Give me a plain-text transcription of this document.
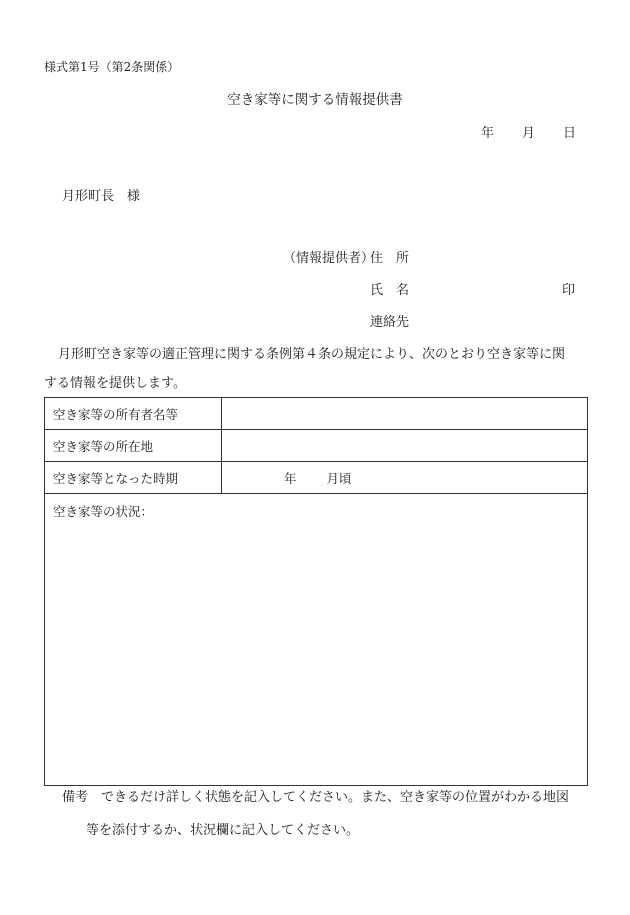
様式第1号（第2条関係）
空き家等に関する情報提供書
年 月 日
月形町長　様
（情報提供者）
住　所
氏　名	印
連絡先
月形町空き家等の適正管理に関する条例第４条の規定により、次のとおり空き家等に関
する情報を提供します。
空き家等の所有者名等	
空き家等の所在地	
空き家等となった時期	年 月頃
空き家等の状況：	
備考 できるだけ詳しく状態を記入してください。また、空き家等の位置がわかる地図
等を添付するか、状況欄に記入してください。
